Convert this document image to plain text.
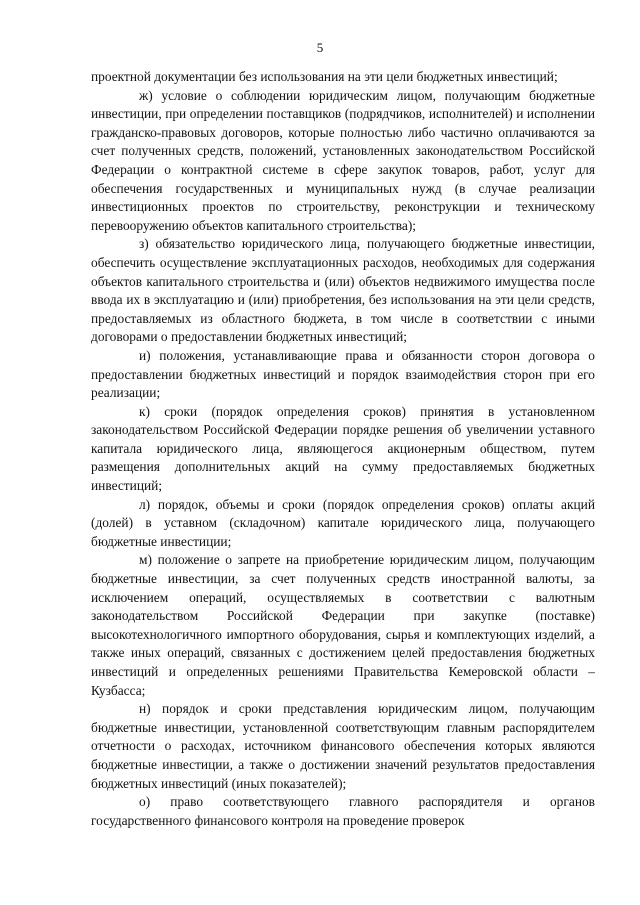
5

проектной документации без использования на эти цели бюджетных инвестиций;

ж) условие о соблюдении юридическим лицом, получающим бюджетные инвестиции, при определении поставщиков (подрядчиков, исполнителей) и исполнении гражданско-правовых договоров, которые полностью либо частично оплачиваются за счет полученных средств, положений, установленных законодательством Российской Федерации о контрактной системе в сфере закупок товаров, работ, услуг для обеспечения государственных и муниципальных нужд (в случае реализации инвестиционных проектов по строительству, реконструкции и техническому перевооружению объектов капитального строительства);

з) обязательство юридического лица, получающего бюджетные инвестиции, обеспечить осуществление эксплуатационных расходов, необходимых для содержания объектов капитального строительства и (или) объектов недвижимого имущества после ввода их в эксплуатацию и (или) приобретения, без использования на эти цели средств, предоставляемых из областного бюджета, в том числе в соответствии с иными договорами о предоставлении бюджетных инвестиций;

и) положения, устанавливающие права и обязанности сторон договора о предоставлении бюджетных инвестиций и порядок взаимодействия сторон при его реализации;

к) сроки (порядок определения сроков) принятия в установленном законодательством Российской Федерации порядке решения об увеличении уставного капитала юридического лица, являющегося акционерным обществом, путем размещения дополнительных акций на сумму предоставляемых бюджетных инвестиций;

л) порядок, объемы и сроки (порядок определения сроков) оплаты акций (долей) в уставном (складочном) капитале юридического лица, получающего бюджетные инвестиции;

м) положение о запрете на приобретение юридическим лицом, получающим бюджетные инвестиции, за счет полученных средств иностранной валюты, за исключением операций, осуществляемых в соответствии с валютным законодательством Российской Федерации при закупке (поставке) высокотехнологичного импортного оборудования, сырья и комплектующих изделий, а также иных операций, связанных с достижением целей предоставления бюджетных инвестиций и определенных решениями Правительства Кемеровской области – Кузбасса;

н) порядок и сроки представления юридическим лицом, получающим бюджетные инвестиции, установленной соответствующим главным распорядителем отчетности о расходах, источником финансового обеспечения которых являются бюджетные инвестиции, а также о достижении значений результатов предоставления бюджетных инвестиций (иных показателей);

о) право соответствующего главного распорядителя и органов государственного финансового контроля на проведение проверок
